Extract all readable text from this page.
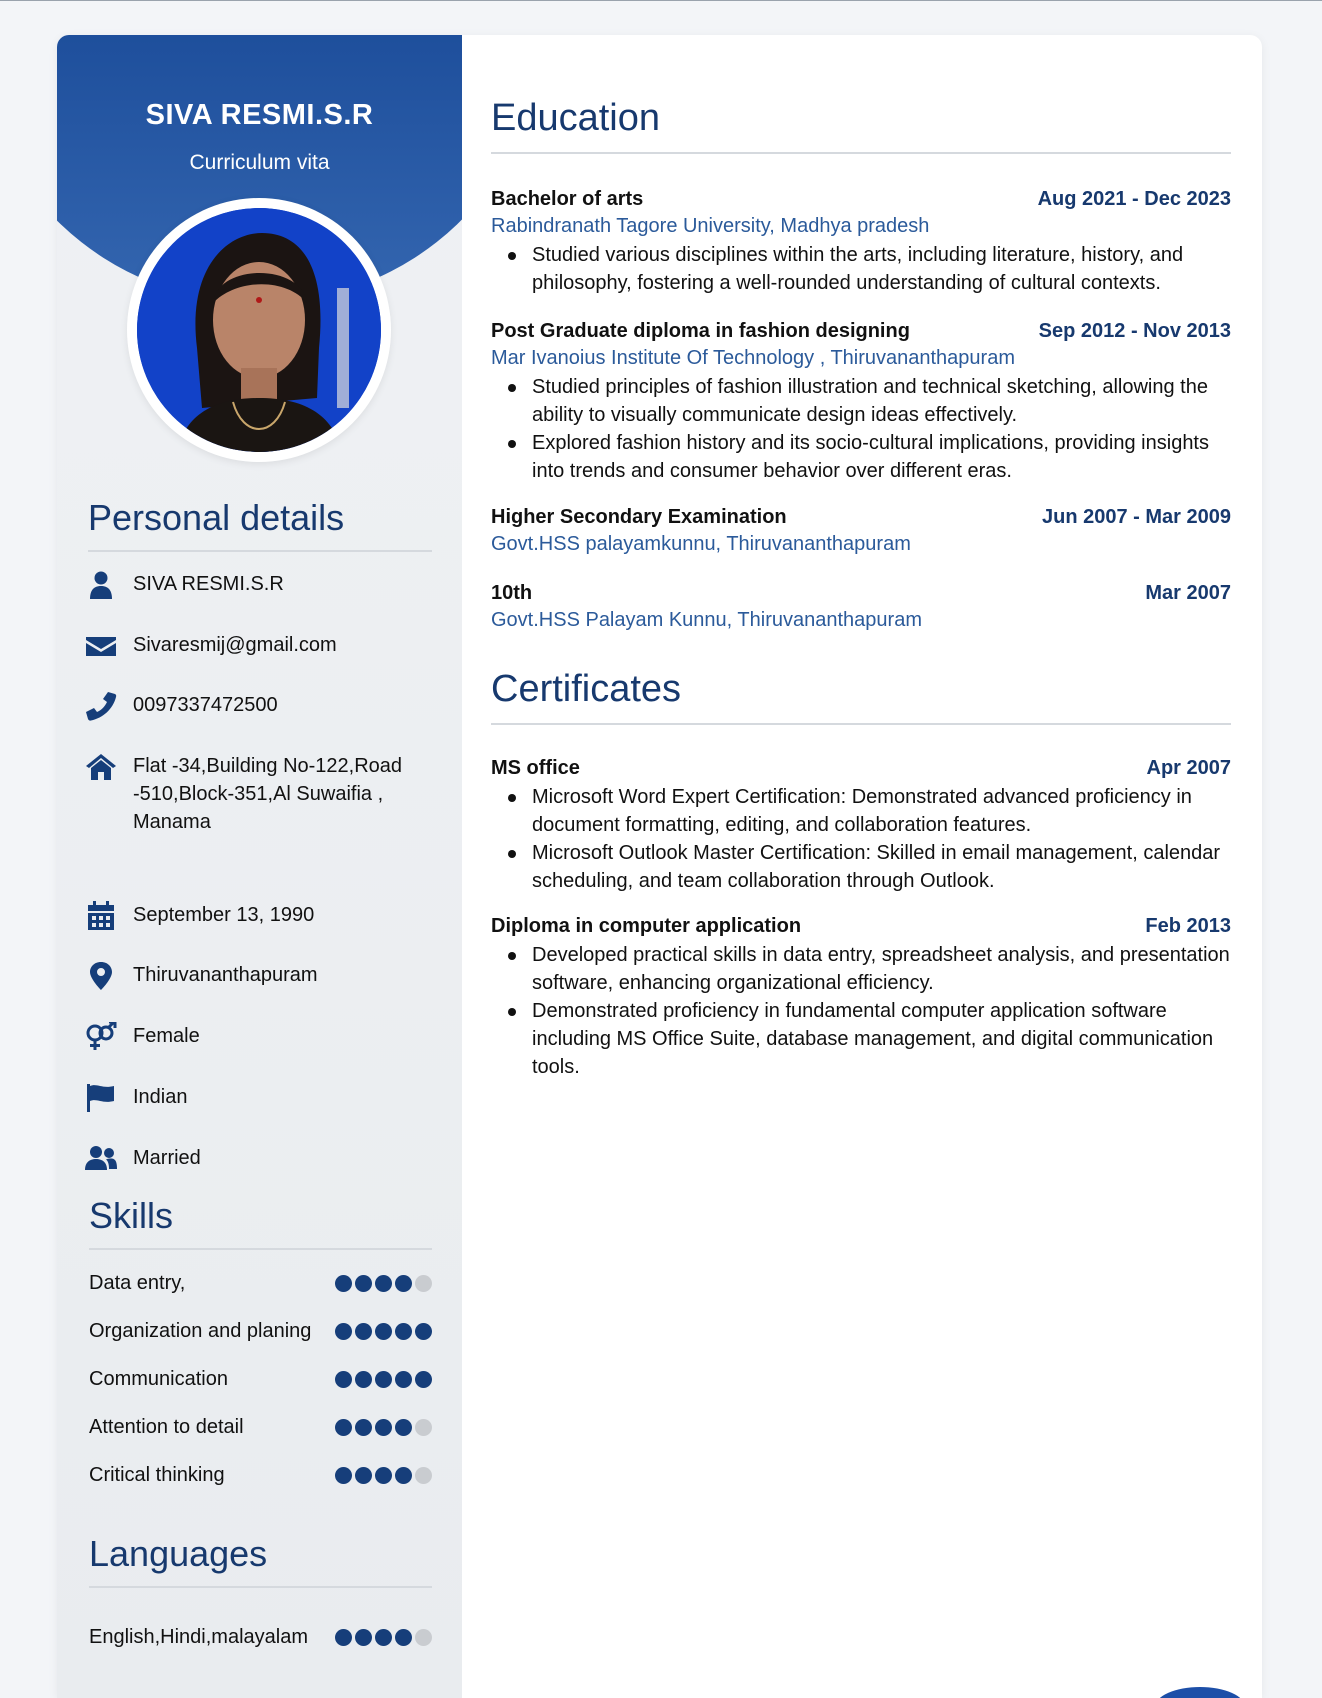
SIVA RESMI.S.R
Curriculum vita
Personal details
SIVA RESMI.S.R
Sivaresmij@gmail.com
0097337472500
Flat -34,Building No-122,Road -510,Block-351,Al Suwaifia , Manama
September 13, 1990
Thiruvananthapuram
Female
Indian
Married
Skills
Data entry,
Organization and planing
Communication
Attention to detail
Critical thinking
Languages
English,Hindi,malayalam
Education
Bachelor of arts	Aug 2021 - Dec 2023
Rabindranath Tagore University, Madhya pradesh
Studied various disciplines within the arts, including literature, history, and philosophy, fostering a well-rounded understanding of cultural contexts.
Post Graduate diploma in fashion designing	Sep 2012 - Nov 2013
Mar Ivanoius Institute Of Technology , Thiruvananthapuram
Studied principles of fashion illustration and technical sketching, allowing the ability to visually communicate design ideas effectively.
Explored fashion history and its socio-cultural implications, providing insights into trends and consumer behavior over different eras.
Higher Secondary Examination	Jun 2007 - Mar 2009
Govt.HSS palayamkunnu, Thiruvananthapuram
10th	Mar 2007
Govt.HSS Palayam Kunnu, Thiruvananthapuram
Certificates
MS office	Apr 2007
Microsoft Word Expert Certification: Demonstrated advanced proficiency in document formatting, editing, and collaboration features.
Microsoft Outlook Master Certification: Skilled in email management, calendar scheduling, and team collaboration through Outlook.
Diploma in computer application	Feb 2013
Developed practical skills in data entry, spreadsheet analysis, and presentation software, enhancing organizational efficiency.
Demonstrated proficiency in fundamental computer application software including MS Office Suite, database management, and digital communication tools.
